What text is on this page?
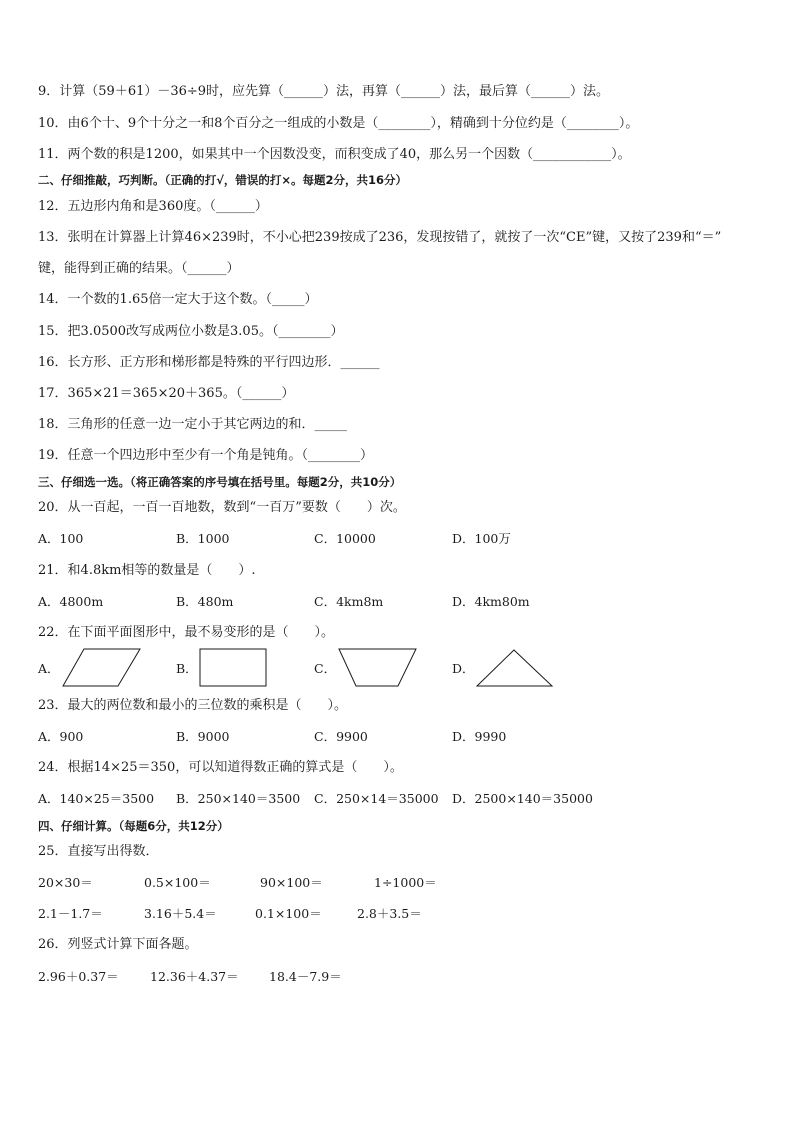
9．计算（59＋61）－36÷9时，应先算（______）法，再算（______）法，最后算（______）法。
10．由6个十、9个十分之一和8个百分之一组成的小数是（________），精确到十分位约是（________）。
11．两个数的积是1200，如果其中一个因数没变，而积变成了40，那么另一个因数（____________）。
二、仔细推敲，巧判断。（正确的打√，错误的打×。每题2分，共16分）
12．五边形内角和是360度。（______）
13．张明在计算器上计算46×239时，不小心把239按成了236，发现按错了，就按了一次“CE”键，又按了239和“＝”
键，能得到正确的结果。（______）
14．一个数的1.65倍一定大于这个数。（_____）
15．把3.0500改写成两位小数是3.05。（________）
16．长方形、正方形和梯形都是特殊的平行四边形．______
17．365×21＝365×20＋365。（______）
18．三角形的任意一边一定小于其它两边的和．_____
19．任意一个四边形中至少有一个角是钝角。（________）
三、仔细选一选。（将正确答案的序号填在括号里。每题2分，共10分）
20．从一百起，一百一百地数，数到“一百万”要数（　　）次。
A．100	B．1000	C．10000	D．100万
21．和4.8km相等的数量是（　　）.
A．4800m	B．480m	C．4km8m	D．4km80m
22．在下面平面图形中，最不易变形的是（　　）。
A．	B．	C．	D．
23．最大的两位数和最小的三位数的乘积是（　　）。
A．900	B．9000	C．9900	D．9990
24．根据14×25＝350，可以知道得数正确的算式是（　　）。
A．140×25＝3500 B．250×140＝3500 C．250×14＝35000 D．2500×140＝35000
四、仔细计算。（每题6分，共12分）
25．直接写出得数．
20×30＝	0.5×100＝	90×100＝	1÷1000＝
2.1－1.7＝	3.16＋5.4＝	0.1×100＝	2.8＋3.5＝
26．列竖式计算下面各题。
2.96＋0.37＝	12.36＋4.37＝ 18.4－7.9＝
